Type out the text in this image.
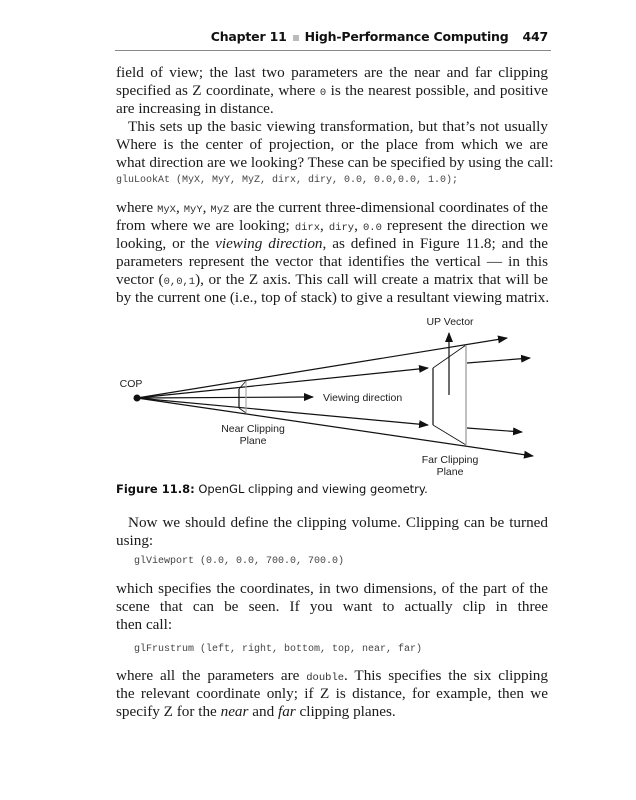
Chapter 11 High-Performance Computing 447
field of view; the last two parameters are the near and far clipping
specified as Z coordinate, where 0 is the nearest possible, and positive
are increasing in distance.
This sets up the basic viewing transformation, but that’s not usually
Where is the center of projection, or the place from which we are
what direction are we looking? These can be specified by using the call:
gluLookAt (MyX, MyY, MyZ, dirx, diry, 0.0, 0.0,0.0, 1.0);
where MyX, MyY, MyZ are the current three-dimensional coordinates of the
from where we are looking; dirx, diry, 0.0 represent the direction we
looking, or the viewing direction, as defined in Figure 11.8; and the
parameters represent the vector that identifies the vertical — in this
vector (0,0,1), or the Z axis. This call will create a matrix that will be
by the current one (i.e., top of stack) to give a resultant viewing matrix.
UP Vector
COP
Viewing direction
Near Clipping
Plane
Far Clipping
Plane
Figure 11.8: OpenGL clipping and viewing geometry.
Now we should define the clipping volume. Clipping can be turned
using:
glViewport (0.0, 0.0, 700.0, 700.0)
which specifies the coordinates, in two dimensions, of the part of the
scene that can be seen. If you want to actually clip in three
then call:
glFrustrum (left, right, bottom, top, near, far)
where all the parameters are double. This specifies the six clipping
the relevant coordinate only; if Z is distance, for example, then we
specify Z for the near and far clipping planes.
